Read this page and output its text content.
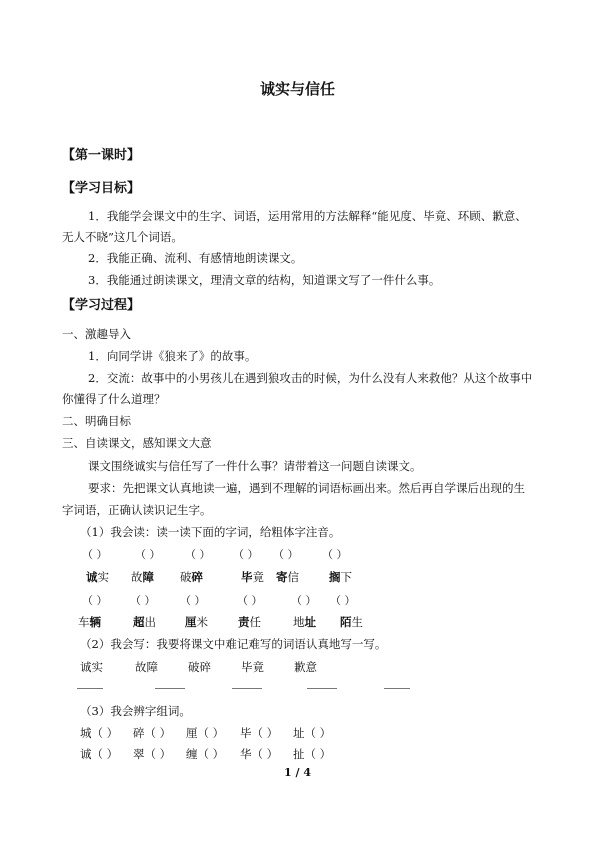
诚实与信任
【第一课时】
【学习目标】
1．我能学会课文中的生字、词语，运用常用的方法解释“能见度、毕竟、环顾、歉意、
无人不晓”这几个词语。
2．我能正确、流利、有感情地朗读课文。
3．我能通过朗读课文，理清文章的结构，知道课文写了一件什么事。
【学习过程】
一、激趣导入
1．向同学讲《狼来了》的故事。
2．交流：故事中的小男孩儿在遇到狼攻击的时候，为什么没有人来救他？从这个故事中
你懂得了什么道理？
二、明确目标
三、自读课文，感知课文大意
课文围绕诚实与信任写了一件什么事？请带着这一问题自读课文。
要求：先把课文认真地读一遍，遇到不理解的词语标画出来。然后再自学课后出现的生
字词语，正确认读识记生字。
（1）我会读：读一读下面的字词，给粗体字注音。
（ ）	（ ） （ ） （ ） （ ） （ ）
诚实 故障 破碎	毕竟 寄信	搁下
（ ） （ ） （ ）	（ ）	（ ） （ ）
车辆	超出	厘米	责任	地址 陌生
（2）我会写：我要将课文中难记难写的词语认真地写一写。
诚实	故障	破碎	毕竟	歉意
（3）我会辨字组词。
城（ ） 碎（ ） 厘（ ） 毕（ ） 址（ ）
诚（ ） 翠（ ） 缠（ ） 华（ ） 扯（ ）
1 / 4
